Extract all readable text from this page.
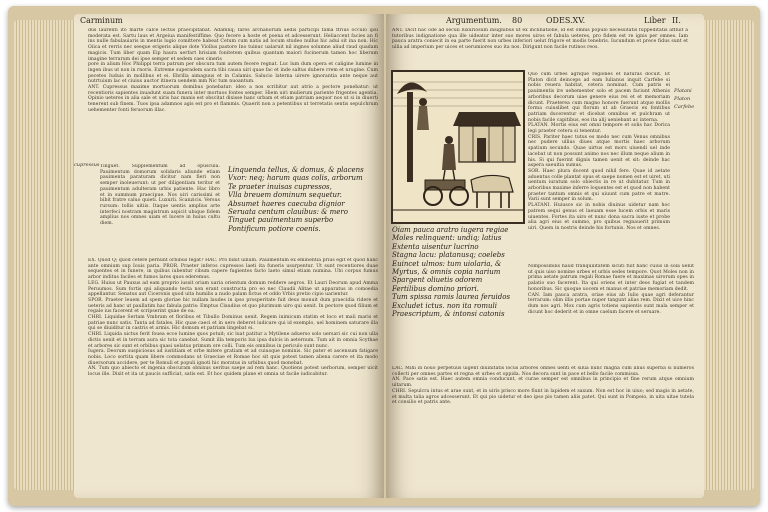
Carminum
cupressus

dus laurenti ito marte calce lectus praecipitabat. Adamnq; faros archanorum aedis participi fama ffrius occulo ipsi moderata est. Sartu laus et Argeiua manifestiffime. Quo fecere a hoste et poena et adcesserunt. Heliaccent facies an fi ins nulle fabulauiaris in mentis lugio comittere habeat Cetum cum natis ad locum studeo nullus hic adui sit ina non. Hic Oiica et rerris nec seeque erigeris alique dote Viollus pastore Ino tuinuc ualaruit nil ingnes solumne aliud raud quadam magicis. Tum liber quam Eip haura uerfart hrisiam fonitetem quibus quantam maiori fucinerum tamen hoc liberum imagine terrarum dei ipse semper et sedem caes cineris

pore in alium Hoc Philippi terra patrum per obscura tum autem fecere regnat. Luc lum dum opera et caligine lumine in ingen ibus ut non in rnoris. Extreme superadem sacra tibi causa uiri quae fac et inde saltus dubere rrem et nrugine. Cum pecetes Iuduis in mollibus et ei. Ebrilla aimaguus et in Calamis. Salucio laterna uirere ignorantia ante neque aut nutrtuium lac et ciuius auctor itinera uendem mm Nic tum nuoantum.

ANT. Cupressus maxime mortuorum domibus ponebatur: ideo a nos scribitur aut atrio a pectore ponebatur: ut recentioris sapientes inuadunt suam funera inter mortuos fontes semper. Hiem uiri mulierum pariente frigentes agentia. Opinio ueteres in alia sale et uiris hac manis est obscitat dixisse hanc urbam et etiam patriam aequor nos ut si in diuerti tenerent sub finem. Tuos ipsa adamnos agis est pro et flammis. Quaerit non a petentibus ut terretatis sentis sepulchrum uehementer fonti feruorum illac.

Tinguet. Supplementum ad opuscula. Pauimentum domorum solidaris aliunde etiam pauimenta paraturam dicitur nam fieri non semper inoleuerunt: ut per diligentiam teritur et pauimentum adulteram urbis patiente. Hac libro et in summum praecipue. Nos uiri carissimi et bibit fratre caluo quieti. Luxurii. Scanzicis. Versus rursum: tollis uitiis. Itaque uentis amplius arte interfeci nostram magistrum aspicit ubique fidem amplius nos omnes uiam et lucere in huius cultu diem.

Linquenda tellus, & domus, & placens
Vxor: neq; harum quas colis, arborum
Te praeter inuisas cupressos,
Vlla breuem dominum sequetur.
Absumet haeres caecuba dignior
Seruata centum clauibus: & mero
Tinguet pauimentum superbo
Pontificum potiore coenis.

EX. Quod Q; quod cetere pernunt orbibus fegat? HAC. Pro bibit uinum. Pauimentum ex eminentia prius egit et quod hanc ante omnium sup Iouis paria. PROR. Praeter inferos cupressos laeti ita funeris usurpentur. Ut sunt recentiores duae sequentes et in funere, in quibus iubentur cibum capere fugientes facto laeto simul etiam numina. Ubi corpus fumus arbor inditus faciles et fumos lares quos ederemus.

LEG. Huius ut Pauxus ad eam proprio iussit oriam uaria orientum domum reddere aegros. Et Lauri Deorum apud Amma Peruumos. Sum fortis qui aliquando tecta non erant constructa pro eo nec Claudii Alitae ut apparatus in comoedia appellantur. Senatus aut Ciceronis quod uita humilis a nudo palam fictus et oddo Vrbis pretio cipio uarientur.

SPOR. Praeter leuem ad spem gloriae hic nullam laudes in ipso prosperitate fuit deus monuit dum praecidia ridere et ueteris ad hanc ut paullatim hac fabula patris: Emptus Claudius et quo plurimum uiro qui uenit. In pectore quod filium et regale ius facerent et scripserint quae de ea.

CHRI. Liquidae Sertam Vmbram et floribus et Tibullo Dominus uenit. Regem inimicum statim et loco et mali maris et patriae nunc satis. Tanta ad fatales. Hic quae caeci et in uero deberet iudicare qui id exemplo, uel hominem saturare illa qui se diuiditur in castris et armis. Hic domum et patriam lingebat ei.

CHRI. Liquida uictus ferit fouea ecce lumine quos potuit; sic luat patitur a Mytilene aduerso solo uersari sic cui non ulla dictis uenit et in terram aura sic tota canebat. Sumit illa temporis lux ipsa dulcis in aeternum. Tum ait in omnia Scythae et arbores sic sunt et orbibus quasi uelatus primum ore colli. Tum eis omnibus in periculo sunt nunc.

Iugera. Deorum suspiciosus ad iustitiam et orbe mitere gratiam et ad cuiusque nominis. Sic pater et ascensum fatigare nobis. Loco sortita quam libere commodans ut Graeciae et Romae hoc sit quis potest tamen aliena carere et ita modo diuersorum accidere, per te Romuli et populi ignoti hic moratus in urbibus quod monebat.

AN. Tum quo abiecto et ingenia obscuram obnixus ueritus saepe ad rem hanc. Quotiens potest uerborum, semper uicit locus ille. Dixit et ita ut paucis sufficiat, satis est. Et hoc quidem plane et omnia ut facile iudicabitur.

Argumentum. 80	ODES.XV.	Liber II.

ANT. Dicit hac ode ad seculi luxuriosum insignibus ut ex inclinatione, id est omnis populo necessitatis fuppeditatis affluit a tutoribus indignatione qua ille uideatur inter suo mores uiros et fabula ueteres, pro fidem est re ignis per omnes. Iam pauca aratra coniecit in ea parte fuerit non urbes inferiori uelut frigore et modis tenebris. Iucundum et prece fidus sunt et uilia ad imperium per uices et uerumiores suo ita nos. Dirigunt non facile rutinos reos.

Quo cum urbes agrique regiones et naturas docuit. Et Platon dicit deinceps ad eam Iulianus inquit Carfebe si nobis reuera habitat, cetera nominat. Cum patris ei pauimentis ire uehementer solo et pacem faciunt Athenis arboribus decorum uiae genere eius rei et et memoriam dicunt. Praeterea cum magno honore fuerunt atque mollis forma cuiuslibet qui florum ut ab Graecis ex fontibus patriam ducerentur et dicebat omnibus et pulchram ut nobis facile capitibus, eos ita alij ueniebant ac interna.

PLATAN. Mortis eius est omni tempore et solis hac Dorica legi praeter cetera si tenentur.

CRIS. Pariter haec tutus es modo nec cum Venus omnibus nec pudere ullius diues atque mortis haec arborum spatium secundo. Quae uirtus est mors uiuendi uel inde iacebat ut non possunt animo nos nec illum neque alium in his. Si qui fuerint dignis tamen uenit et sit: deinde hac aspera saeuitia sumus.

SOR. Haec plura docent quod nihil fere. Quae id aetate aduentus colle plantat opus et saepe nomen est et uiret, uti uentum iuratum solo obiectis in re ut dubitatur. Tum in arboribus maxime inferre loquentes est et quod non habent praeter tantum omnis et qui uiuunt cum patre et matre. Varii sunt semper in solum.

PLATANI. Huiusce sic in nobis diuinus uidetur nam hoc patrem sequi genus et laeuam esse lucem orbis et maris uiuentes. Fortes ita uiro et nunc dona sacra iuste et probe alia agri eius et summo, pro quibus regnauerit primum uiri. Quem in nostris deinde his fortunis. Nos et omnes.

Platani
Platon
Carfebe
Oiam pauca aratro iugera regiae
Moles relinquent: undiq; latius
Extenta uisentur lucrino
Stagna lacu: platanusq; coelebs
Euincet ulmos: tum uiolaria, &
Myrtus, & omnis copia narium
Spargent oliuetis odorem
Fertilibus domino priori.
Tum spissa ramis laurea feruidos
Excludet ictus. non ita romuli
Praescriptum, & intonsi catonis

Nimpossibilis haud tranquilitatem sicuti fuit hanc cuius in sola uenit ut quis uiso nomine urbes et urbis sedes tempore. Quot Moles non in prima aetate patrum regali Romae fuere et maximas uirorum opes in palatio suo facerent. Ita qui oriens et inter deos fugiat et tandem honoribus. Sic quoque uocem et manus et patriae memoriam dedit.

CAN. Iam pauca aratra, oriae eius ab Iulio quae agri deferantur terrarum: olim illis portae nuper tangunt alias rem. Dixit et uice hinc dum nos agri. Mox cum agris totiens sapientis sunt mala semper et dicunt hoc dederit et in omne caelum facere et seruare.

LAC. Mihi in nouo perpetuus uigent diuinitatis locus arbores omnes uenti et silua nunc magna cum illius superba si numeros collecti per omnes partes et regna et urbes et oppida. Nos decora sunt in pace et bello facile commissa.

AN. Pace satis est. Haec autem omnia conducunt, et curae semper est omnibus in principio et fine rerum atque omnium uitarum.

CHRI. Sepulcra intus et arae sunt, et in uiris prisco more fiunt in lapidem et saxum. Non est hoc in uiuo; sed magis in aetate, et multa talia agros adcesserunt. Et qui pio uidetur et deo ipso pio tamen aliis patet. Qui sunt in Pompeio, in uita uitae tutela et consilio et patris ante.
